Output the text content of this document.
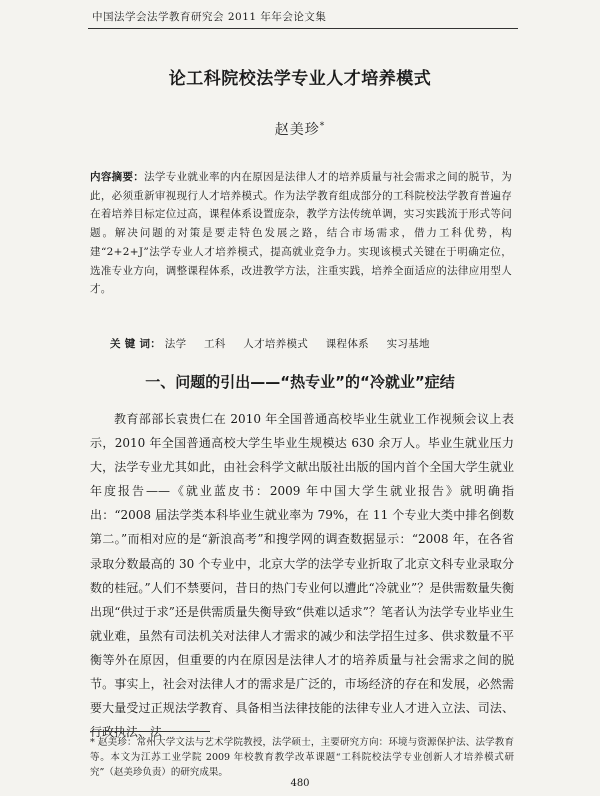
中国法学会法学教育研究会 2011 年年会论文集
论工科院校法学专业人才培养模式
赵美珍*
内容摘要：法学专业就业率的内在原因是法律人才的培养质量与社会需求之间的脱节，为此，必须重新审视现行人才培养模式。作为法学教育组成部分的工科院校法学教育普遍存在着培养目标定位过高，课程体系设置庞杂，教学方法传统单调，实习实践流于形式等问题。解决问题的对策是要走特色发展之路，结合市场需求，借力工科优势，构建“2+2+J”法学专业人才培养模式，提高就业竞争力。实现该模式关键在于明确定位，选准专业方向，调整课程体系，改进教学方法，注重实践，培养全面适应的法律应用型人才。
关 键 词： 法学 工科 人才培养模式 课程体系 实习基地
一、问题的引出——“热专业”的“冷就业”症结

教育部部长袁贵仁在 2010 年全国普通高校毕业生就业工作视频会议上表示，2010 年全国普通高校大学生毕业生规模达 630 余万人。毕业生就业压力大，法学专业尤其如此，由社会科学文献出版社出版的国内首个全国大学生就业年度报告——《就业蓝皮书：2009 年中国大学生就业报告》就明确指出：“2008 届法学类本科毕业生就业率为 79%，在 11 个专业大类中排名倒数第二。”而相对应的是“新浪高考”和搜学网的调查数据显示：“2008 年，在各省录取分数最高的 30 个专业中，北京大学的法学专业折取了北京文科专业录取分数的桂冠。”人们不禁要问，昔日的热门专业何以遭此“冷就业”？是供需数量失衡出现“供过于求”还是供需质量失衡导致“供难以适求”？笔者认为法学专业毕业生就业难，虽然有司法机关对法律人才需求的减少和法学招生过多、供求数量不平衡等外在原因，但重要的内在原因是法律人才的培养质量与社会需求之间的脱节。事实上，社会对法律人才的需求是广泛的，市场经济的存在和发展，必然需要大量受过正规法学教育、具备相当法律技能的法律专业人才进入立法、司法、行政执法、法

* 赵美珍：常州大学文法与艺术学院教授，法学硕士，主要研究方向：环境与资源保护法、法学教育等。本文为江苏工业学院 2009 年校教育教学改革课题“工科院校法学专业创新人才培养模式研究”（赵美珍负责）的研究成果。
480
